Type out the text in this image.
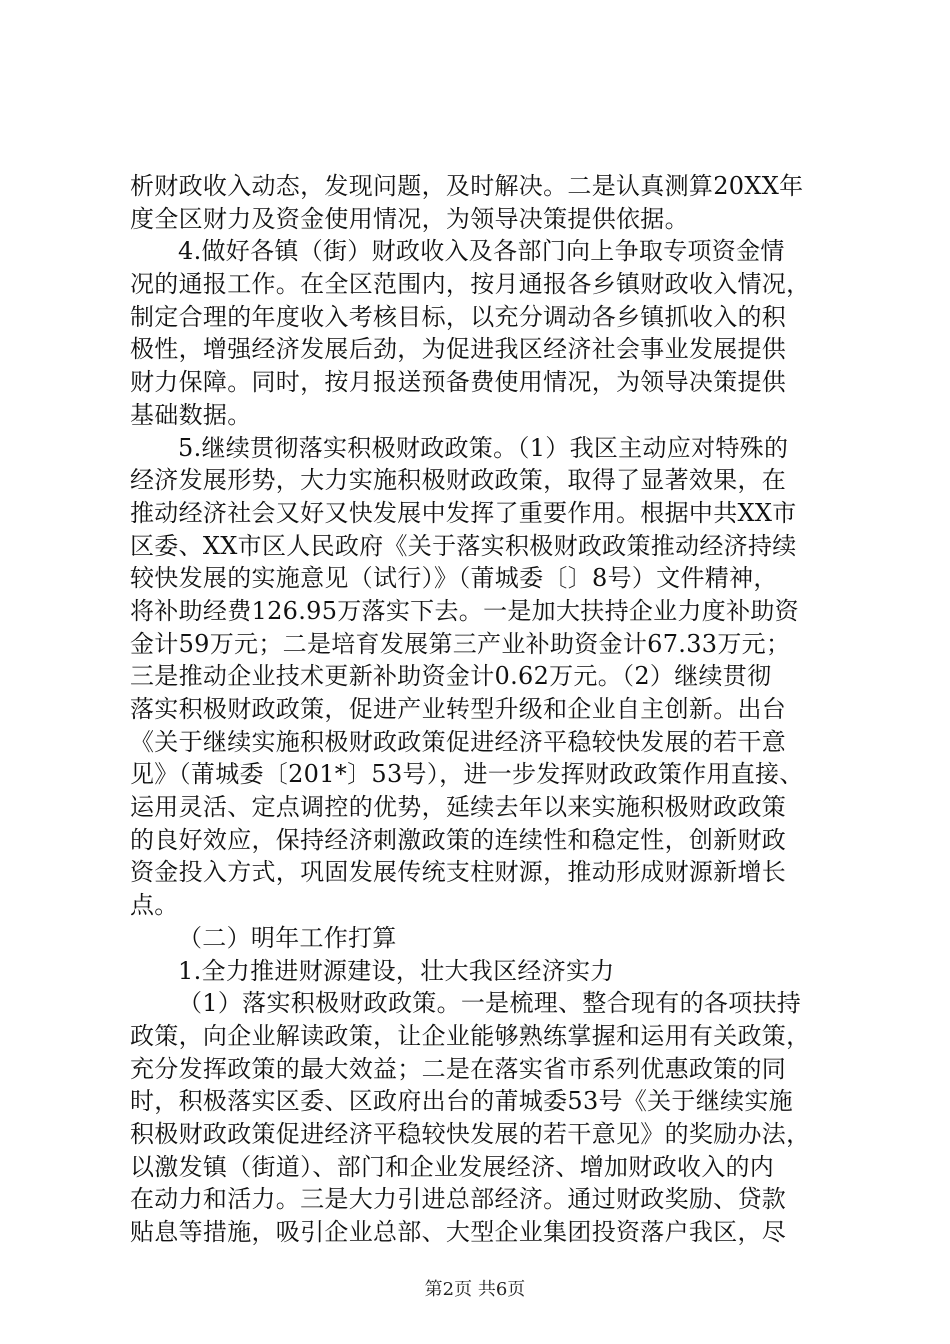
析财政收入动态，发现问题，及时解决。二是认真测算20XX年
度全区财力及资金使用情况，为领导决策提供依据。
4.做好各镇（街）财政收入及各部门向上争取专项资金情
况的通报工作。在全区范围内，按月通报各乡镇财政收入情况，
制定合理的年度收入考核目标，以充分调动各乡镇抓收入的积
极性，增强经济发展后劲，为促进我区经济社会事业发展提供
财力保障。同时，按月报送预备费使用情况，为领导决策提供
基础数据。
5.继续贯彻落实积极财政政策。（1）我区主动应对特殊的
经济发展形势，大力实施积极财政政策，取得了显著效果，在
推动经济社会又好又快发展中发挥了重要作用。根据中共XX市
区委、XX市区人民政府《关于落实积极财政政策推动经济持续
较快发展的实施意见（试行）》（莆城委〔〕8号）文件精神，
将补助经费126.95万落实下去。一是加大扶持企业力度补助资
金计59万元；二是培育发展第三产业补助资金计67.33万元；
三是推动企业技术更新补助资金计0.62万元。（2）继续贯彻
落实积极财政政策，促进产业转型升级和企业自主创新。出台
《关于继续实施积极财政政策促进经济平稳较快发展的若干意
见》（莆城委〔201*〕53号），进一步发挥财政政策作用直接、
运用灵活、定点调控的优势，延续去年以来实施积极财政政策
的良好效应，保持经济刺激政策的连续性和稳定性，创新财政
资金投入方式，巩固发展传统支柱财源，推动形成财源新增长
点。
（二）明年工作打算
1.全力推进财源建设，壮大我区经济实力
（1）落实积极财政政策。一是梳理、整合现有的各项扶持
政策，向企业解读政策，让企业能够熟练掌握和运用有关政策，
充分发挥政策的最大效益；二是在落实省市系列优惠政策的同
时，积极落实区委、区政府出台的莆城委53号《关于继续实施
积极财政政策促进经济平稳较快发展的若干意见》的奖励办法，
以激发镇（街道）、部门和企业发展经济、增加财政收入的内
在动力和活力。三是大力引进总部经济。通过财政奖励、贷款
贴息等措施，吸引企业总部、大型企业集团投资落户我区，尽
第2页 共6页
